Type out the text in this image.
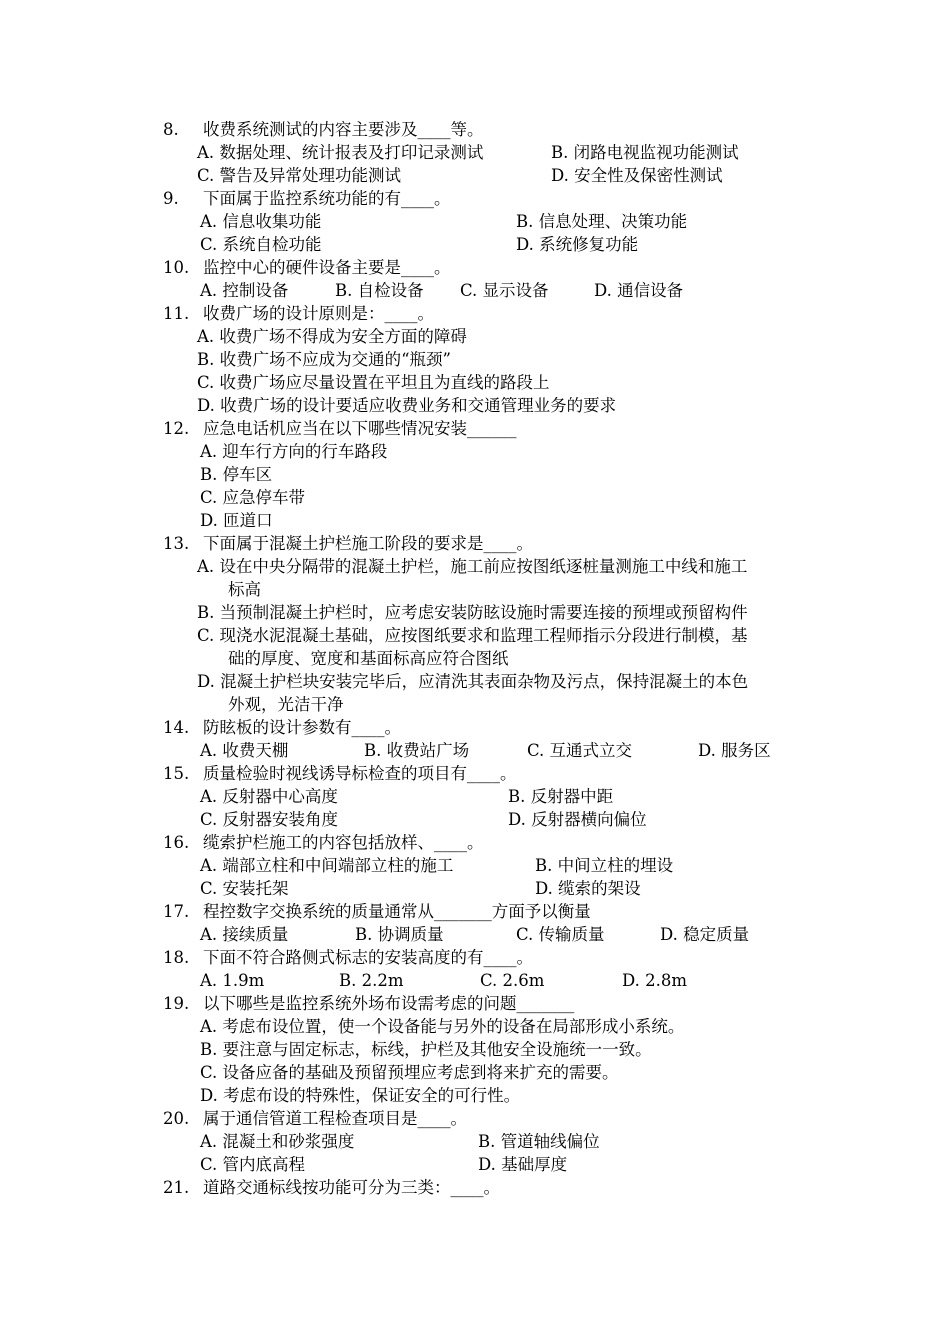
8. 收费系统测试的内容主要涉及____等。
A. 数据处理、统计报表及打印记录测试	B. 闭路电视监视功能测试
C. 警告及异常处理功能测试	D. 安全性及保密性测试
9. 下面属于监控系统功能的有____。
A. 信息收集功能	B. 信息处理、决策功能
C. 系统自检功能	D. 系统修复功能
10. 监控中心的硬件设备主要是____。
A. 控制设备	B. 自检设备 C. 显示设备	D. 通信设备
11. 收费广场的设计原则是：____。
A. 收费广场不得成为安全方面的障碍
B. 收费广场不应成为交通的“瓶颈”
C. 收费广场应尽量设置在平坦且为直线的路段上
D. 收费广场的设计要适应收费业务和交通管理业务的要求
12. 应急电话机应当在以下哪些情况安装______
A. 迎车行方向的行车路段
B. 停车区
C. 应急停车带
D. 匝道口
13. 下面属于混凝土护栏施工阶段的要求是____。
A. 设在中央分隔带的混凝土护栏，施工前应按图纸逐桩量测施工中线和施工
标高
B. 当预制混凝土护栏时，应考虑安装防眩设施时需要连接的预埋或预留构件
C. 现浇水泥混凝土基础，应按图纸要求和监理工程师指示分段进行制模，基
础的厚度、宽度和基面标高应符合图纸
D. 混凝土护栏块安装完毕后，应清洗其表面杂物及污点，保持混凝土的本色
外观，光洁干净
14. 防眩板的设计参数有____。
A. 收费天棚	B. 收费站广场	C. 互通式立交	D. 服务区
15. 质量检验时视线诱导标检查的项目有____。
A. 反射器中心高度	B. 反射器中距
C. 反射器安装角度	D. 反射器横向偏位
16. 缆索护栏施工的内容包括放样、____。
A. 端部立柱和中间端部立柱的施工	B. 中间立柱的埋设
C. 安装托架	D. 缆索的架设
17. 程控数字交换系统的质量通常从_______方面予以衡量
A. 接续质量	B. 协调质量	C. 传输质量	D. 稳定质量
18. 下面不符合路侧式标志的安装高度的有____。
A. 1.9m	B. 2.2m	C. 2.6m	D. 2.8m
19. 以下哪些是监控系统外场布设需考虑的问题_______
A. 考虑布设位置，使一个设备能与另外的设备在局部形成小系统。
B. 要注意与固定标志，标线，护栏及其他安全设施统一一致。
C. 设备应备的基础及预留预埋应考虑到将来扩充的需要。
D. 考虑布设的特殊性，保证安全的可行性。
20. 属于通信管道工程检查项目是____。
A. 混凝土和砂浆强度	B. 管道轴线偏位
C. 管内底高程	D. 基础厚度
21. 道路交通标线按功能可分为三类：____。
